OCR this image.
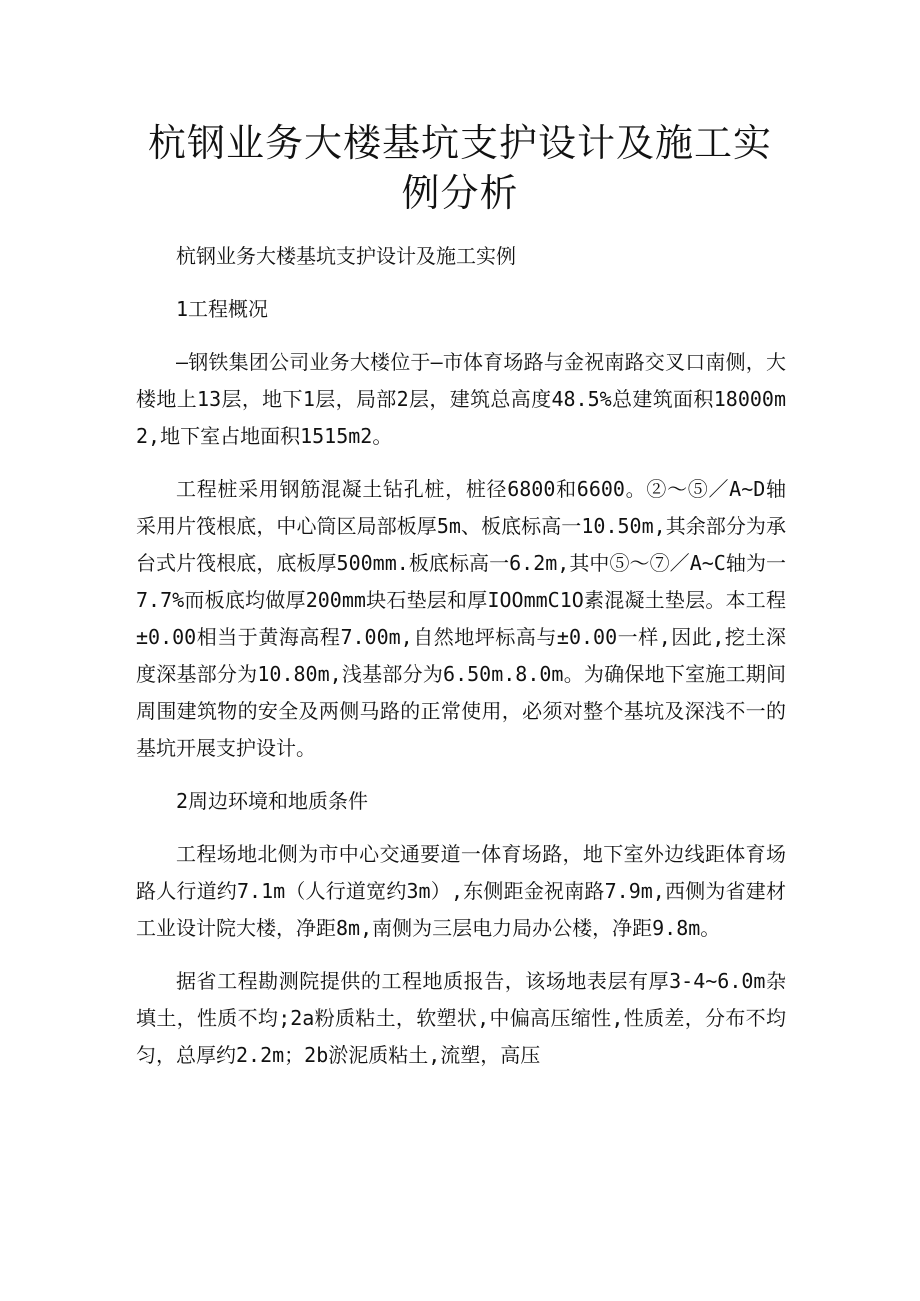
杭钢业务大楼基坑支护设计及施工实例分析

杭钢业务大楼基坑支护设计及施工实例

1工程概况

—钢铁集团公司业务大楼位于—市体育场路与金祝南路交叉口南侧，大楼地上13层，地下1层，局部2层，建筑总高度48.5%总建筑面积18000m2,地下室占地面积1515m2。

工程桩采用钢筋混凝土钻孔桩，桩径6800和6600。②～⑤／A~D轴采用片筏根底，中心筒区局部板厚5m、板底标高一10.50m,其余部分为承台式片筏根底，底板厚500mm.板底标高一6.2m,其中⑤～⑦／A~C轴为一7.7%而板底均做厚200mm块石垫层和厚IOOmmC1O素混凝土垫层。本工程±0.00相当于黄海高程7.00m,自然地坪标高与±0.00一样,因此,挖土深度深基部分为10.80m,浅基部分为6.50m.8.0m。为确保地下室施工期间周围建筑物的安全及两侧马路的正常使用，必须对整个基坑及深浅不一的基坑开展支护设计。

2周边环境和地质条件

工程场地北侧为市中心交通要道一体育场路，地下室外边线距体育场路人行道约7.1m（人行道宽约3m）,东侧距金祝南路7.9m,西侧为省建材工业设计院大楼，净距8m,南侧为三层电力局办公楼，净距9.8m。

据省工程勘测院提供的工程地质报告，该场地表层有厚3-4~6.0m杂填土，性质不均;2a粉质粘土，软塑状,中偏高压缩性,性质差，分布不均匀，总厚约2.2m；2b淤泥质粘土,流塑，高压
